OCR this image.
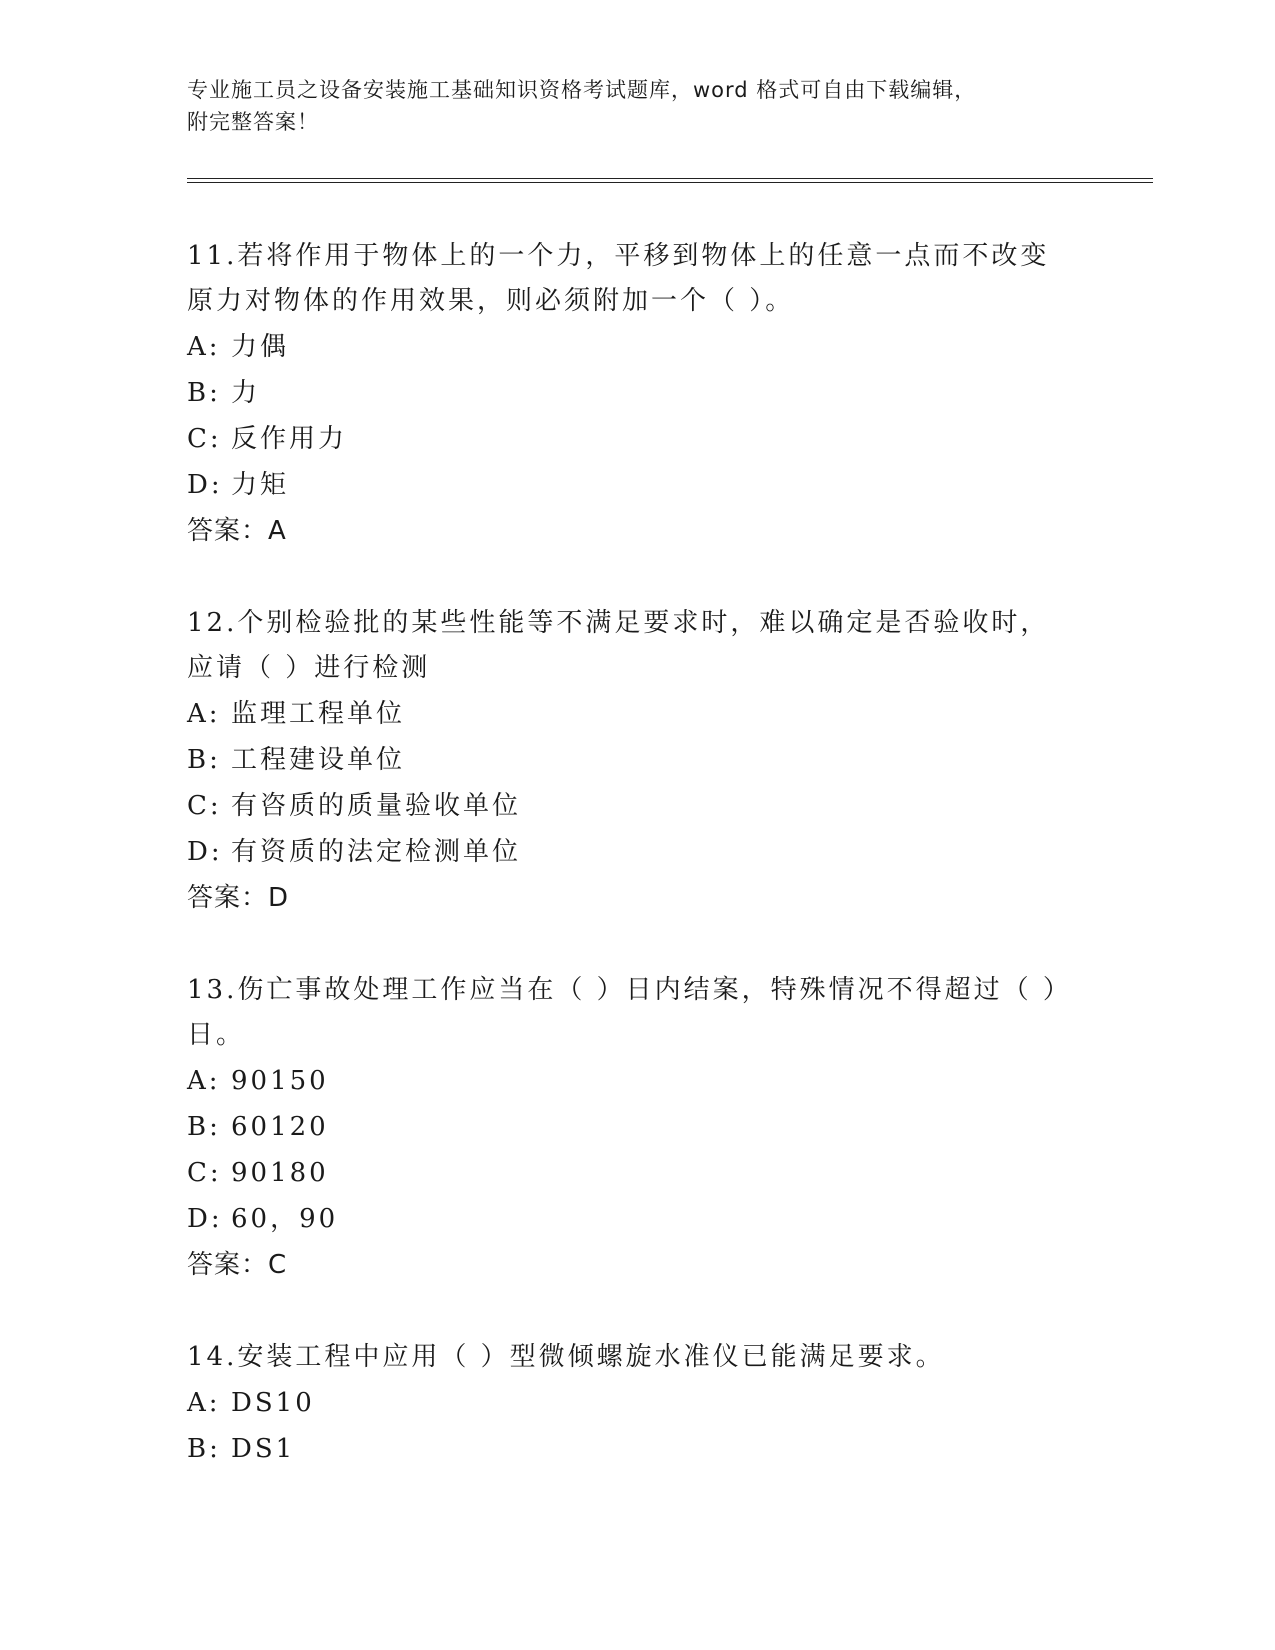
专业施工员之设备安装施工基础知识资格考试题库，word 格式可自由下载编辑，
附完整答案！
11.若将作用于物体上的一个力，平移到物体上的任意一点而不改变原力对物体的作用效果，则必须附加一个（ ）。
A: 力偶
B: 力
C: 反作用力
D: 力矩
答案：A
12.个别检验批的某些性能等不满足要求时，难以确定是否验收时，应请（ ）进行检测
A: 监理工程单位
B: 工程建设单位
C: 有咨质的质量验收单位
D: 有资质的法定检测单位
答案：D
13.伤亡事故处理工作应当在（ ）日内结案，特殊情况不得超过（ ）日。
A: 90150
B: 60120
C: 90180
D: 60，90
答案：C
14.安装工程中应用（ ）型微倾螺旋水准仪已能满足要求。
A: DS10
B: DS1
